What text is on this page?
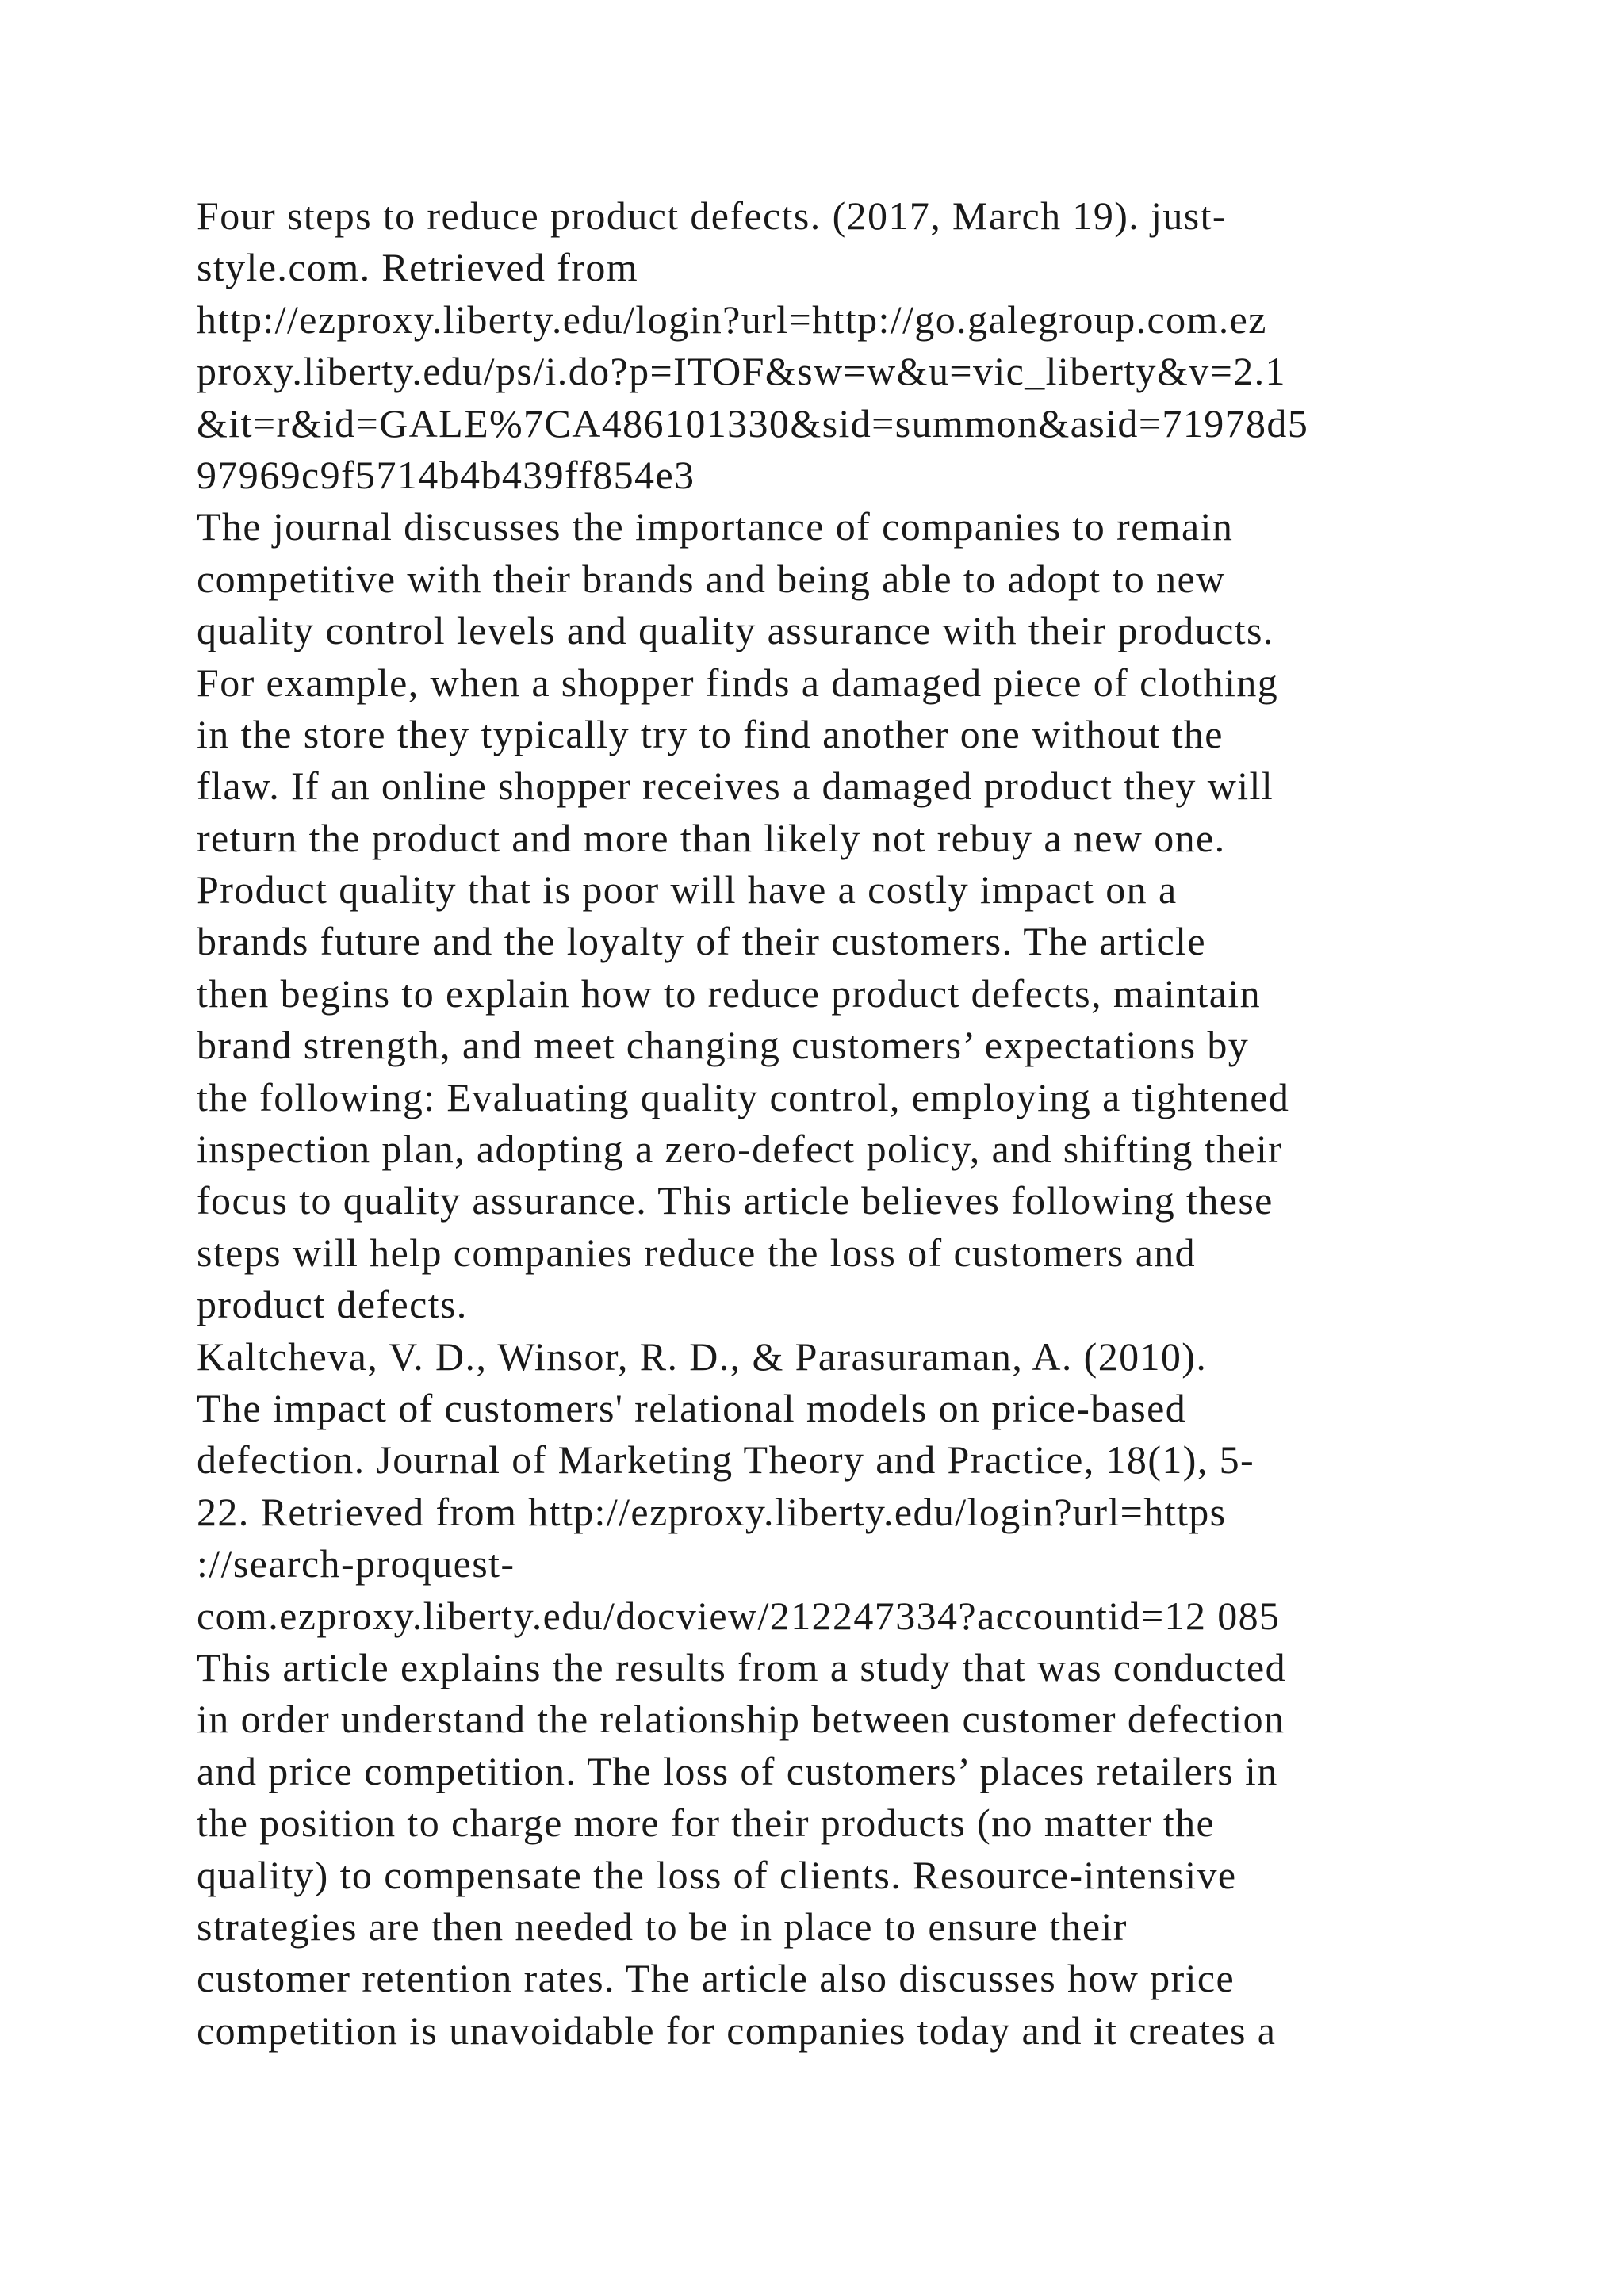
Four steps to reduce product defects. (2017, March 19). just-
style.com. Retrieved from
http://ezproxy.liberty.edu/login?url=http://go.galegroup.com.ez
proxy.liberty.edu/ps/i.do?p=ITOF&sw=w&u=vic_liberty&v=2.1
&it=r&id=GALE%7CA486101330&sid=summon&asid=71978d5
97969c9f5714b4b439ff854e3
The journal discusses the importance of companies to remain
competitive with their brands and being able to adopt to new
quality control levels and quality assurance with their products.
For example, when a shopper finds a damaged piece of clothing
in the store they typically try to find another one without the
flaw. If an online shopper receives a damaged product they will
return the product and more than likely not rebuy a new one.
Product quality that is poor will have a costly impact on a
brands future and the loyalty of their customers. The article
then begins to explain how to reduce product defects, maintain
brand strength, and meet changing customers’ expectations by
the following: Evaluating quality control, employing a tightened
inspection plan, adopting a zero-defect policy, and shifting their
focus to quality assurance. This article believes following these
steps will help companies reduce the loss of customers and
product defects.
Kaltcheva, V. D., Winsor, R. D., & Parasuraman, A. (2010).
The impact of customers' relational models on price-based
defection. Journal of Marketing Theory and Practice, 18(1), 5-
22. Retrieved from http://ezproxy.liberty.edu/login?url=https
://search-proquest-
com.ezproxy.liberty.edu/docview/212247334?accountid=12 085
This article explains the results from a study that was conducted
in order understand the relationship between customer defection
and price competition. The loss of customers’ places retailers in
the position to charge more for their products (no matter the
quality) to compensate the loss of clients. Resource-intensive
strategies are then needed to be in place to ensure their
customer retention rates. The article also discusses how price
competition is unavoidable for companies today and it creates a
